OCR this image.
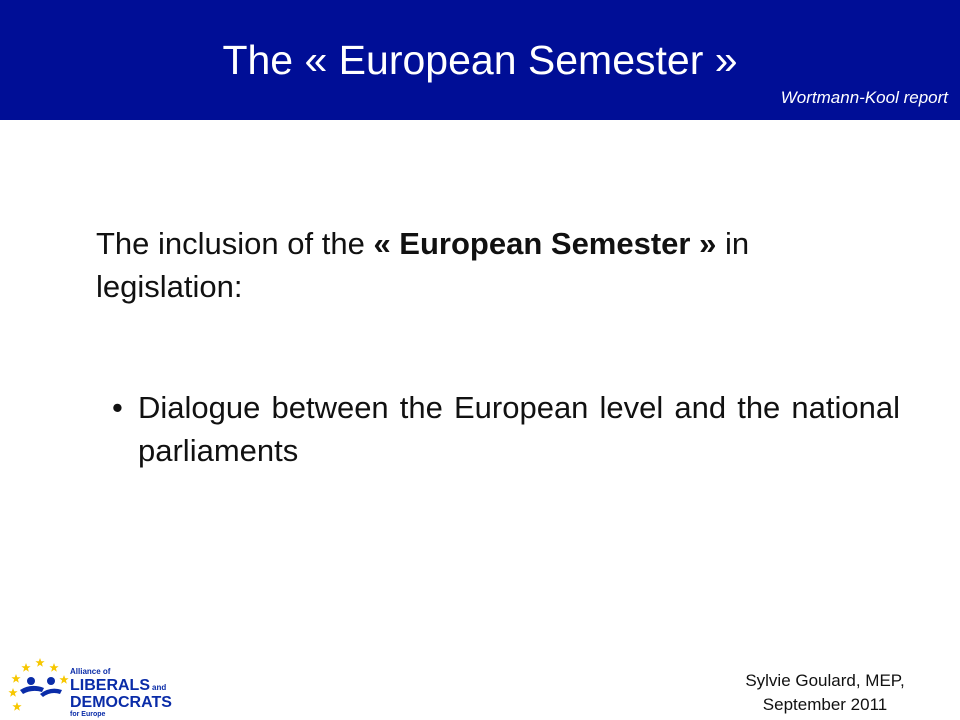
The « European Semester »
Wortmann-Kool report
The inclusion of the « European Semester » in legislation:
• Dialogue between the European level and the national parliaments
Alliance of
LIBERALS and
DEMOCRATS
for Europe
Sylvie Goulard, MEP,
September 2011
